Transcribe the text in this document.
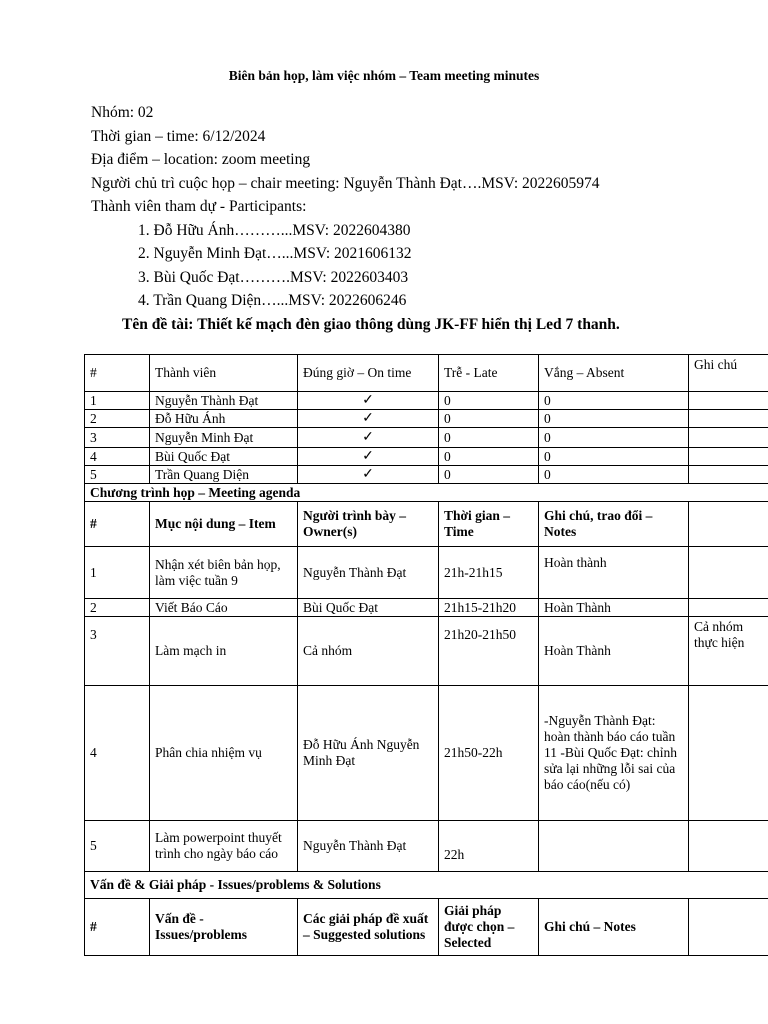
Biên bản họp, làm việc nhóm – Team meeting minutes
Nhóm: 02
Thời gian – time: 6/12/2024
Địa điểm – location: zoom meeting
Người chủ trì cuộc họp – chair meeting: Nguyễn Thành Đạt….MSV: 2022605974
Thành viên tham dự - Participants:
1. Đỗ Hữu Ánh………...MSV: 2022604380
2. Nguyễn Minh Đạt…...MSV: 2021606132
3. Bùi Quốc Đạt……….MSV: 2022603403
4. Trần Quang Diện…...MSV: 2022606246
Tên đề tài: Thiết kế mạch đèn giao thông dùng JK-FF hiển thị Led 7 thanh.
#	Thành viên	Đúng giờ – On time	Trễ - Late	Vắng – Absent	Ghi chú
1	Nguyễn Thành Đạt	✓	0	0	
2	Đỗ Hữu Ánh	✓	0	0	
3	Nguyễn Minh Đạt	✓	0	0	
4	Bùi Quốc Đạt	✓	0	0	
5	Trần Quang Diện	✓	0	0	
Chương trình họp – Meeting agenda					
#	Mục nội dung – Item	Người trình bày – Owner(s)	Thời gian – Time	Ghi chú, trao đổi – Notes	
1	Nhận xét biên bản họp, làm việc tuần 9	Nguyễn Thành Đạt	21h-21h15	Hoàn thành	
2	Viết Báo Cáo	Bùi Quốc Đạt	21h15-21h20	Hoàn Thành	
3	Làm mạch in	Cả nhóm	21h20-21h50	Hoàn Thành	Cả nhóm thực hiện
4	Phân chia nhiệm vụ	Đỗ Hữu Ánh Nguyễn Minh Đạt	21h50-22h	-Nguyễn Thành Đạt: hoàn thành báo cáo tuần 11 -Bùi Quốc Đạt: chỉnh sửa lại những lỗi sai của báo cáo(nếu có)	
5	Làm powerpoint thuyết trình cho ngày báo cáo	Nguyễn Thành Đạt	22h		
Vấn đề & Giải pháp - Issues/problems & Solutions					
#	Vấn đề - Issues/problems	Các giải pháp đề xuất – Suggested solutions	Giải pháp được chọn – Selected	Ghi chú – Notes	
